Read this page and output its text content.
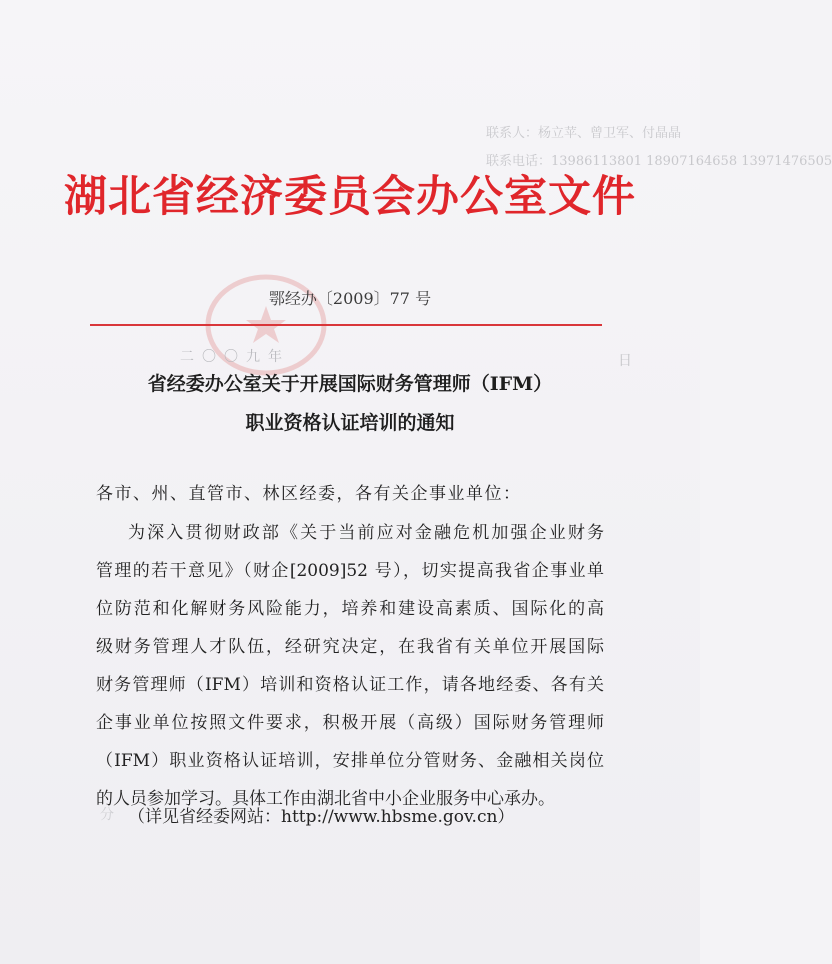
联系人：杨立苹、曾卫军、付晶晶
联系电话：13986113801 18907164658 13971476505
湖北省经济委员会办公室文件
鄂经办〔2009〕77 号
二〇〇九年	日
省经委办公室关于开展国际财务管理师（IFM）
职业资格认证培训的通知
各市、州、直管市、林区经委，各有关企事业单位：
为深入贯彻财政部《关于当前应对金融危机加强企业财务
管理的若干意见》（财企[2009]52 号），切实提高我省企事业单
位防范和化解财务风险能力，培养和建设高素质、国际化的高
级财务管理人才队伍，经研究决定，在我省有关单位开展国际
财务管理师（IFM）培训和资格认证工作，请各地经委、各有关
企事业单位按照文件要求，积极开展（高级）国际财务管理师
（IFM）职业资格认证培训，安排单位分管财务、金融相关岗位
的人员参加学习。具体工作由湖北省中小企业服务中心承办。
分 （详见省经委网站：http://www.hbsme.gov.cn）
